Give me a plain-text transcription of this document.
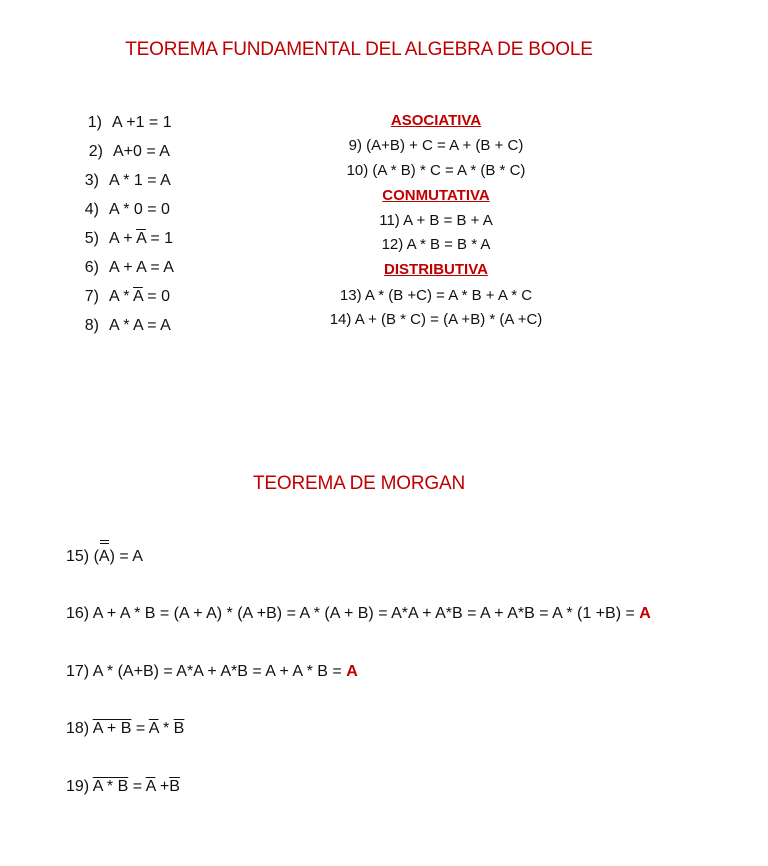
TEOREMA FUNDAMENTAL DEL ALGEBRA DE BOOLE
1) A +1 = 1
2) A+0 = A
3) A * 1 = A
4) A * 0 = 0
5) $A + \overline{A} = 1$
6) A + A = A
7) $A * \overline{A} = 0$
8) A * A = A
ASOCIATIVA
9) (A+B) + C = A + (B + C)
10) (A * B) * C = A * (B * C)
CONMUTATIVA
11) A + B = B + A
12) A * B = B * A
DISTRIBUTIVA
13) A * (B +C) = A * B + A * C
14) A + (B * C) = (A +B) * (A +C)
TEOREMA DE MORGAN
15) (A) = A
16) A + A * B = (A + A) * (A +B) = A * (A + B) = A*A + A*B = A + A*B = A * (1 +B) = A
17) A * (A+B) = A*A + A*B = A + A * B = A
18) $A + B = \overline{A} * \overline{B}$
19) $A * B = \overline{A} +\overline{B}$
